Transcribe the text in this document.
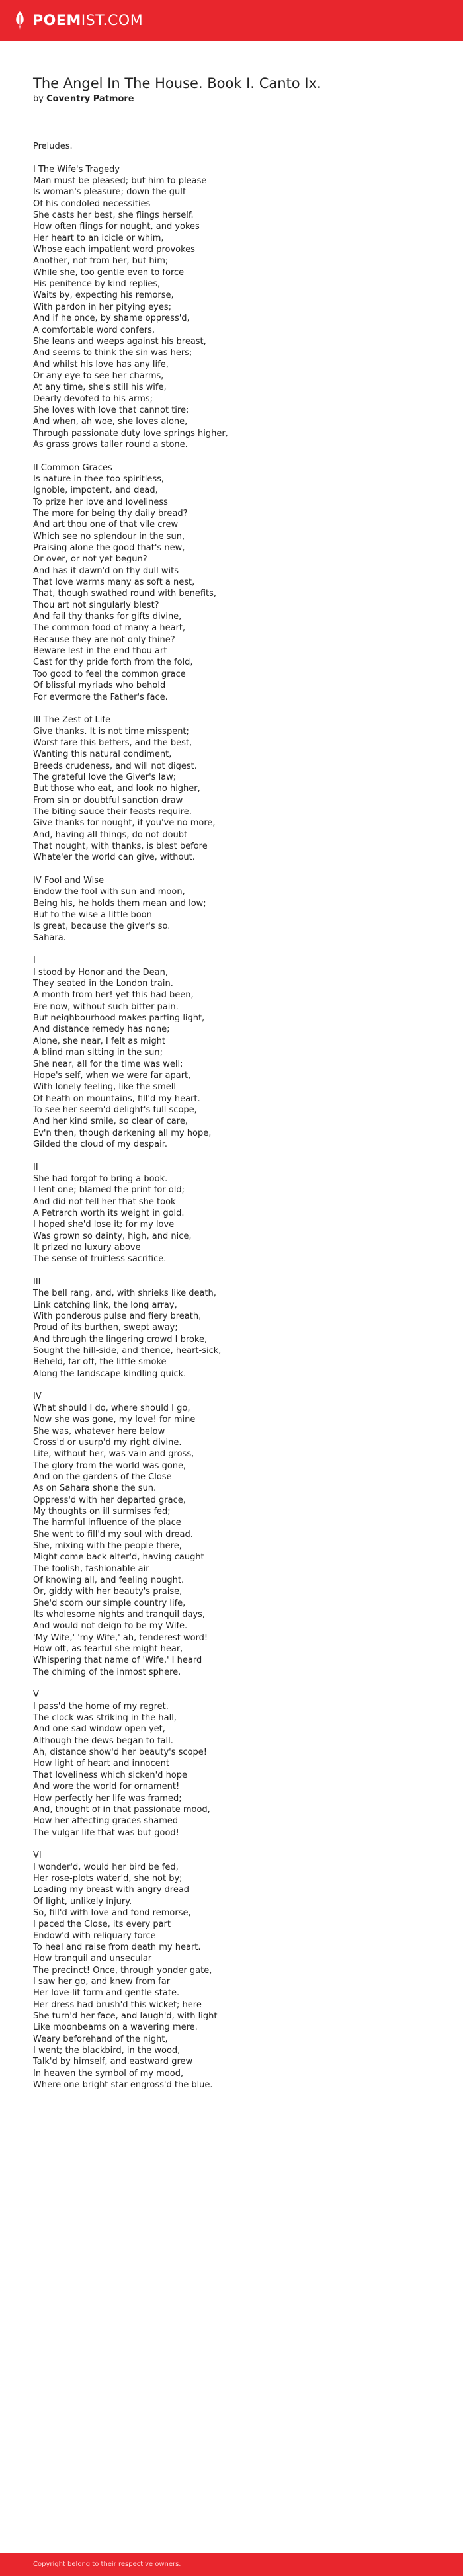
POEMIST.COM
The Angel In The House. Book I. Canto Ix.
by Coventry Patmore
Preludes.
I The Wife's Tragedy
Man must be pleased; but him to please
Is woman's pleasure; down the gulf
Of his condoled necessities
She casts her best, she flings herself.
How often flings for nought, and yokes
Her heart to an icicle or whim,
Whose each impatient word provokes
Another, not from her, but him;
While she, too gentle even to force
His penitence by kind replies,
Waits by, expecting his remorse,
With pardon in her pitying eyes;
And if he once, by shame oppress'd,
A comfortable word confers,
She leans and weeps against his breast,
And seems to think the sin was hers;
And whilst his love has any life,
Or any eye to see her charms,
At any time, she's still his wife,
Dearly devoted to his arms;
She loves with love that cannot tire;
And when, ah woe, she loves alone,
Through passionate duty love springs higher,
As grass grows taller round a stone.
II Common Graces
Is nature in thee too spiritless,
Ignoble, impotent, and dead,
To prize her love and loveliness
The more for being thy daily bread?
And art thou one of that vile crew
Which see no splendour in the sun,
Praising alone the good that's new,
Or over, or not yet begun?
And has it dawn'd on thy dull wits
That love warms many as soft a nest,
That, though swathed round with benefits,
Thou art not singularly blest?
And fail thy thanks for gifts divine,
The common food of many a heart,
Because they are not only thine?
Beware lest in the end thou art
Cast for thy pride forth from the fold,
Too good to feel the common grace
Of blissful myriads who behold
For evermore the Father's face.
III The Zest of Life
Give thanks. It is not time misspent;
Worst fare this betters, and the best,
Wanting this natural condiment,
Breeds crudeness, and will not digest.
The grateful love the Giver's law;
But those who eat, and look no higher,
From sin or doubtful sanction draw
The biting sauce their feasts require.
Give thanks for nought, if you've no more,
And, having all things, do not doubt
That nought, with thanks, is blest before
Whate'er the world can give, without.
IV Fool and Wise
Endow the fool with sun and moon,
Being his, he holds them mean and low;
But to the wise a little boon
Is great, because the giver's so.
Sahara.
I
I stood by Honor and the Dean,
They seated in the London train.
A month from her! yet this had been,
Ere now, without such bitter pain.
But neighbourhood makes parting light,
And distance remedy has none;
Alone, she near, I felt as might
A blind man sitting in the sun;
She near, all for the time was well;
Hope's self, when we were far apart,
With lonely feeling, like the smell
Of heath on mountains, fill'd my heart.
To see her seem'd delight's full scope,
And her kind smile, so clear of care,
Ev'n then, though darkening all my hope,
Gilded the cloud of my despair.
II
She had forgot to bring a book.
I lent one; blamed the print for old;
And did not tell her that she took
A Petrarch worth its weight in gold.
I hoped she'd lose it; for my love
Was grown so dainty, high, and nice,
It prized no luxury above
The sense of fruitless sacrifice.
III
The bell rang, and, with shrieks like death,
Link catching link, the long array,
With ponderous pulse and fiery breath,
Proud of its burthen, swept away;
And through the lingering crowd I broke,
Sought the hill-side, and thence, heart-sick,
Beheld, far off, the little smoke
Along the landscape kindling quick.
IV
What should I do, where should I go,
Now she was gone, my love! for mine
She was, whatever here below
Cross'd or usurp'd my right divine.
Life, without her, was vain and gross,
The glory from the world was gone,
And on the gardens of the Close
As on Sahara shone the sun.
Oppress'd with her departed grace,
My thoughts on ill surmises fed;
The harmful influence of the place
She went to fill'd my soul with dread.
She, mixing with the people there,
Might come back alter'd, having caught
The foolish, fashionable air
Of knowing all, and feeling nought.
Or, giddy with her beauty's praise,
She'd scorn our simple country life,
Its wholesome nights and tranquil days,
And would not deign to be my Wife.
'My Wife,' 'my Wife,' ah, tenderest word!
How oft, as fearful she might hear,
Whispering that name of 'Wife,' I heard
The chiming of the inmost sphere.
V
I pass'd the home of my regret.
The clock was striking in the hall,
And one sad window open yet,
Although the dews began to fall.
Ah, distance show'd her beauty's scope!
How light of heart and innocent
That loveliness which sicken'd hope
And wore the world for ornament!
How perfectly her life was framed;
And, thought of in that passionate mood,
How her affecting graces shamed
The vulgar life that was but good!
VI
I wonder'd, would her bird be fed,
Her rose-plots water'd, she not by;
Loading my breast with angry dread
Of light, unlikely injury.
So, fill'd with love and fond remorse,
I paced the Close, its every part
Endow'd with reliquary force
To heal and raise from death my heart.
How tranquil and unsecular
The precinct! Once, through yonder gate,
I saw her go, and knew from far
Her love-lit form and gentle state.
Her dress had brush'd this wicket; here
She turn'd her face, and laugh'd, with light
Like moonbeams on a wavering mere.
Weary beforehand of the night,
I went; the blackbird, in the wood,
Talk'd by himself, and eastward grew
In heaven the symbol of my mood,
Where one bright star engross'd the blue.
Copyright belong to their respective owners.
